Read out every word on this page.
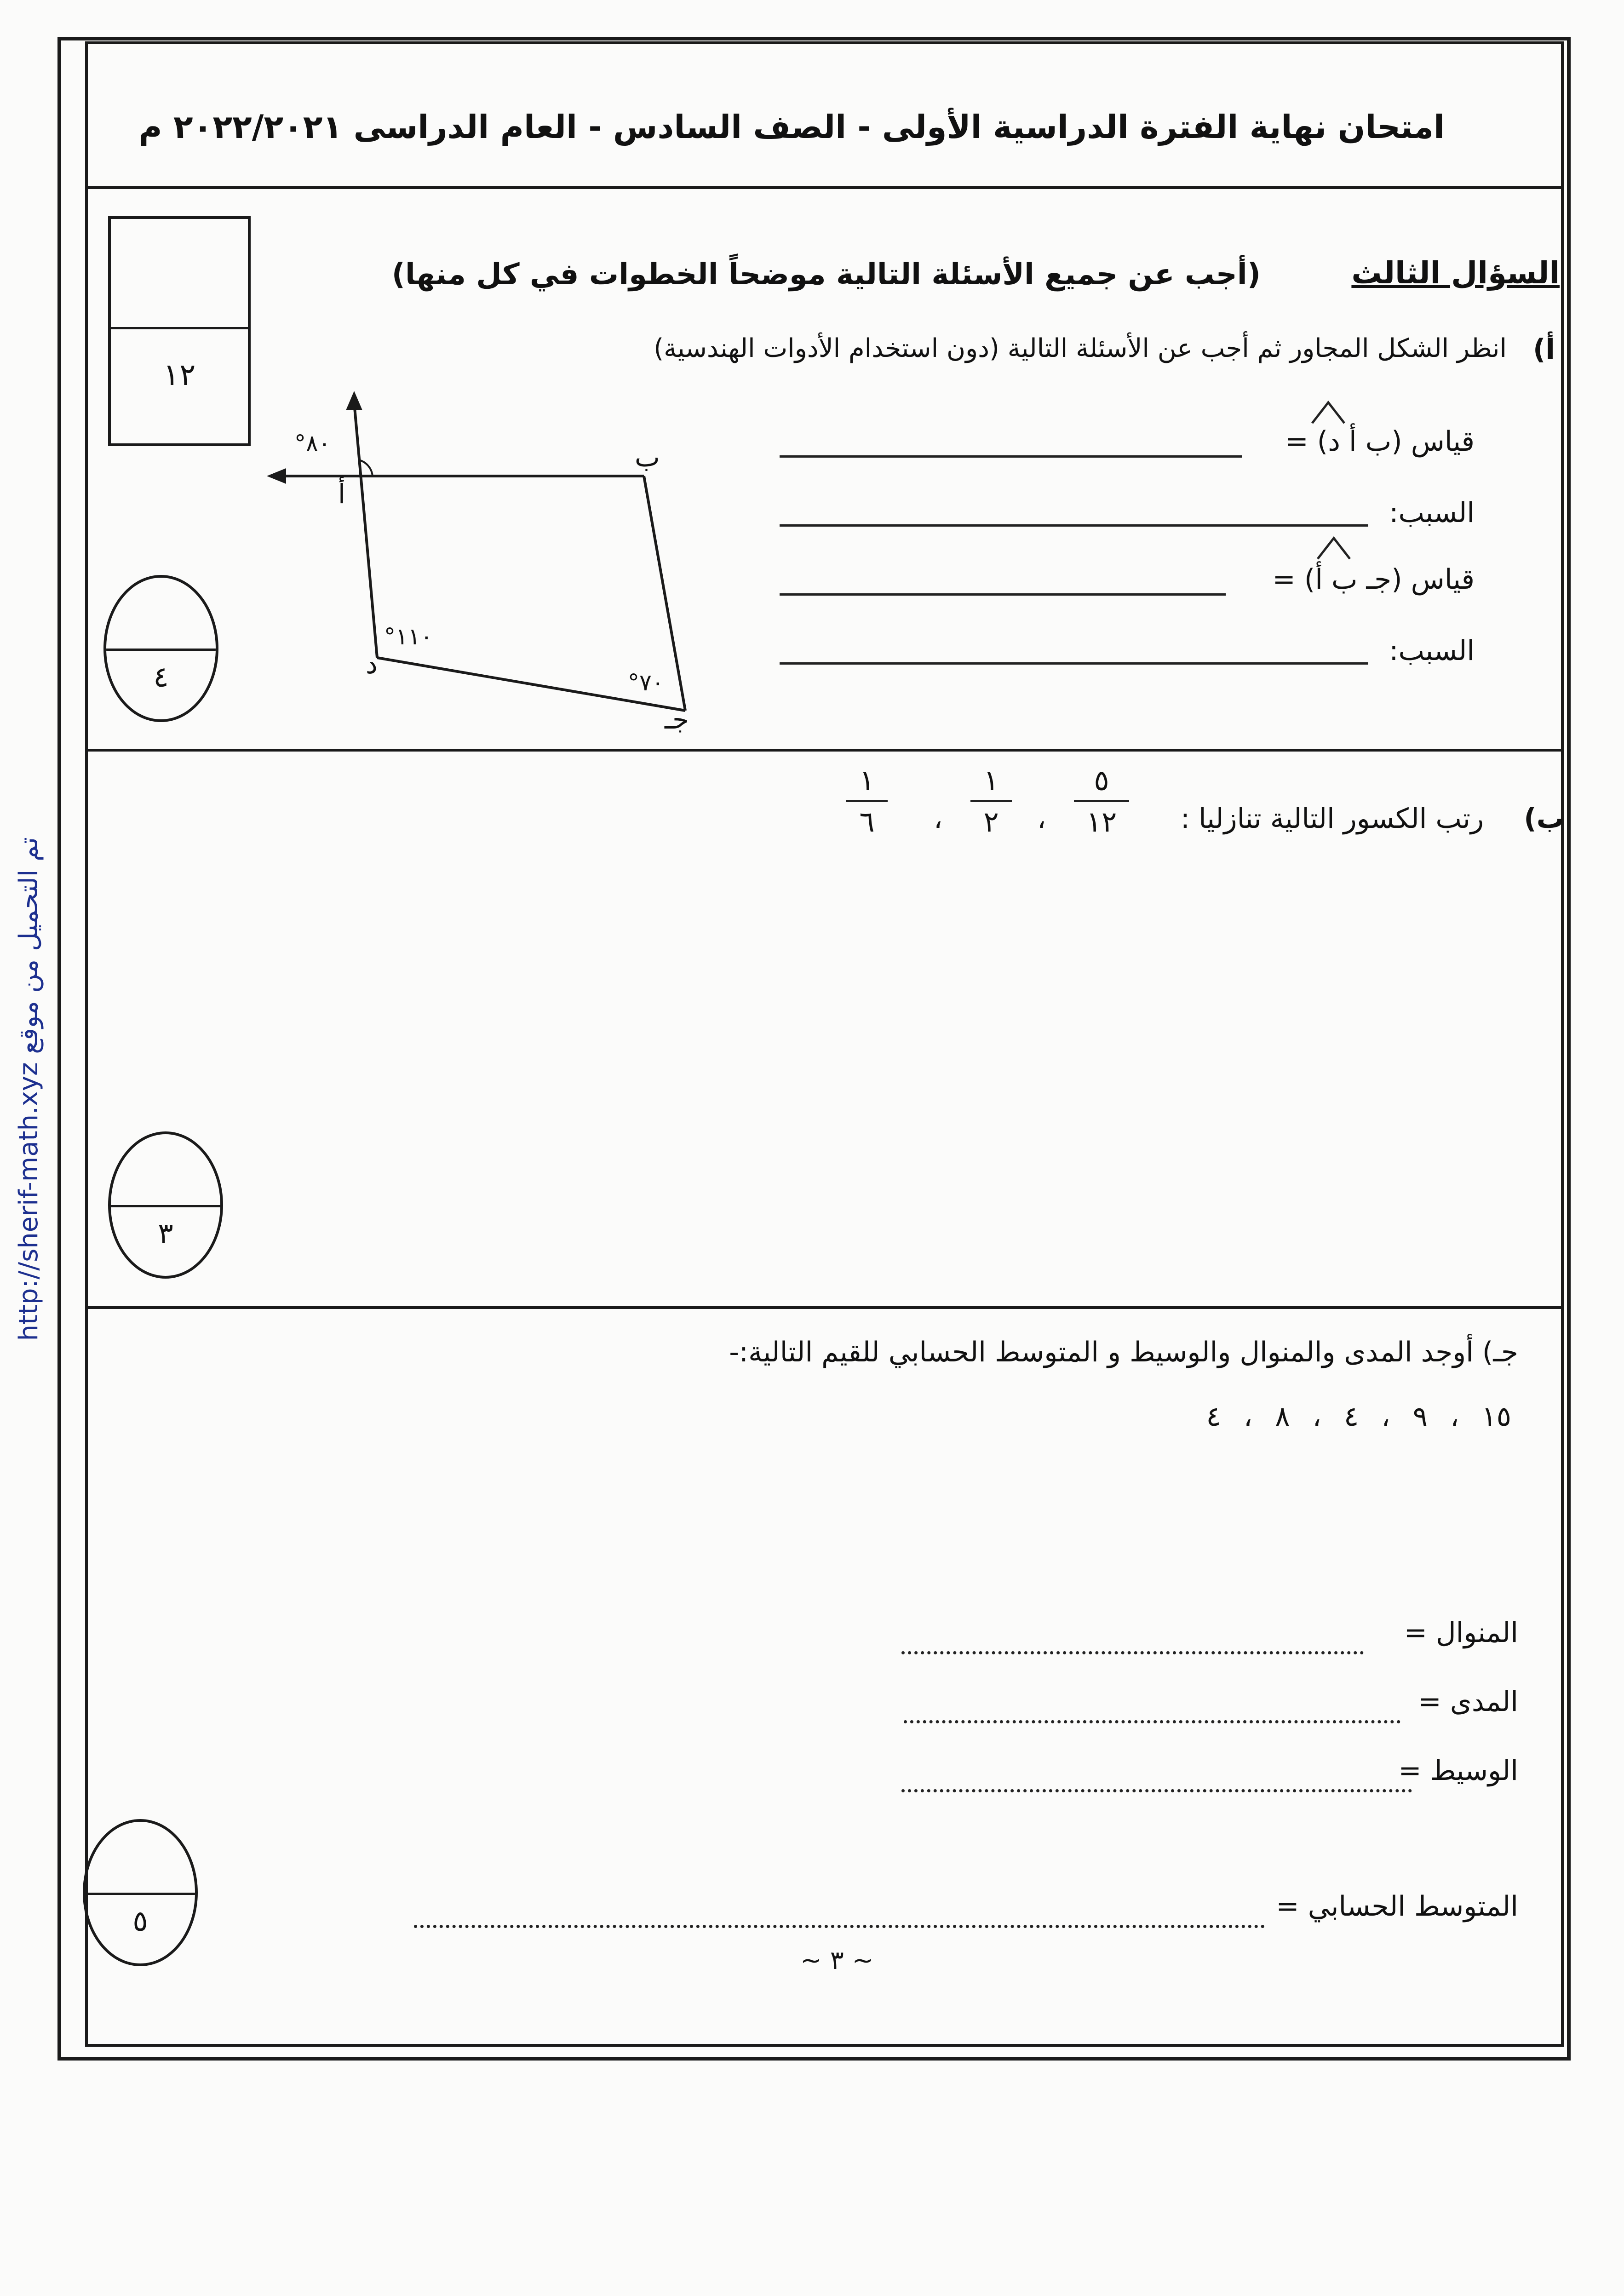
امتحان نهاية الفترة الدراسية الأولى - الصف السادس - العام الدراسى ٢٠٢٢/٢٠٢١ م
١٢
السؤال الثالث
(أجب عن جميع الأسئلة التالية موضحاً الخطوات في كل منها)
أ)
انظر الشكل المجاور ثم أجب عن الأسئلة التالية (دون استخدام الأدوات الهندسية)
قياس (ب أ د) =
السبب:
قياس (جـ ب أ) =
السبب:
°٨٠
أ
ب
°١١٠
د
°٧٠
جـ
٤
ب)
رتب الكسور التالية تنازليا :
٥
١٢
،
١
٢
،
١
٦
٣
جـ) أوجد المدى والمنوال والوسيط و المتوسط الحسابي للقيم التالية:-
١٥ ، ٩ ، ٤ ، ٨ ، ٤
المنوال =
المدى =
الوسيط =
المتوسط الحسابي =
٥
~ ٣ ~
تم التحميل من موقع http://sherif-math.xyz
